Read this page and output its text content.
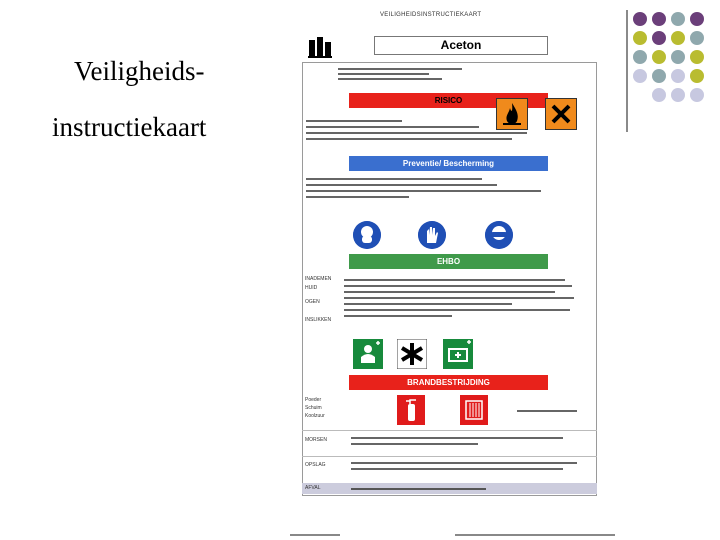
Veiligheids-
instructiekaart
VEILIGHEIDSINSTRUCTIEKAART
Aceton
RISICO
Preventie/ Bescherming
EHBO
INADEMEN
HUID
OGEN
INSLIKKEN
BRANDBESTRIJDING
Poeder
Schuim
Koolzuur
MORSEN
OPSLAG
AFVAL
